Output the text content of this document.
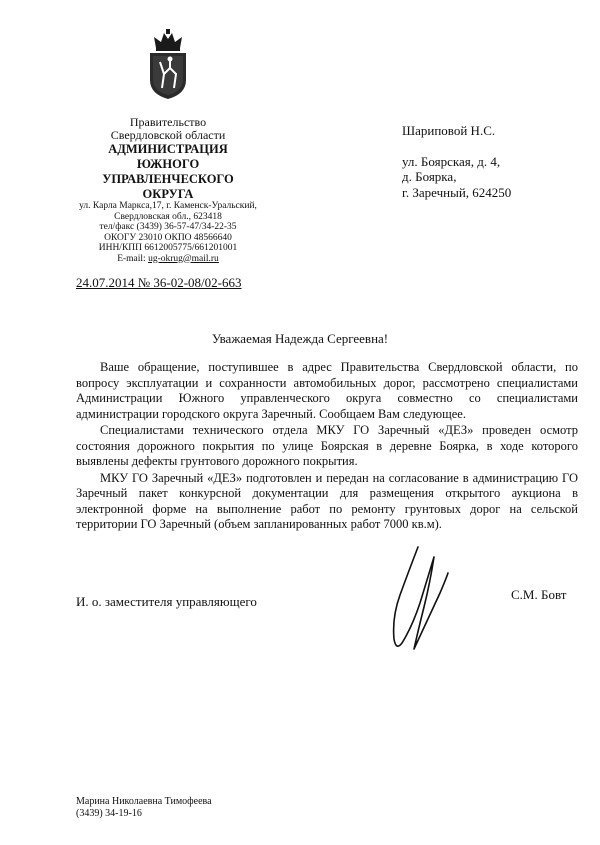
Правительство
Свердловской области
АДМИНИСТРАЦИЯ
ЮЖНОГО
УПРАВЛЕНЧЕСКОГО
ОКРУГА
ул. Карла Маркса,17, г. Каменск-Уральский,
Свердловская обл., 623418
тел/факс (3439) 36-57-47/34-22-35
ОКОГУ 23010 ОКПО 48566640
ИНН/КПП 6612005775/661201001
E-mail: ug-okrug@mail.ru
24.07.2014 № 36-02-08/02-663
Шариповой Н.С.
ул. Боярская, д. 4,
д. Боярка,
г. Заречный, 624250
Уважаемая Надежда Сергеевна!

Ваше обращение, поступившее в адрес Правительства Свердловской области, по вопросу эксплуатации и сохранности автомобильных дорог, рассмотрено специалистами Администрации Южного управленческого округа совместно со специалистами администрации городского округа Заречный. Сообщаем Вам следующее.

Специалистами технического отдела МКУ ГО Заречный «ДЕЗ» проведен осмотр состояния дорожного покрытия по улице Боярская в деревне Боярка, в ходе которого выявлены дефекты грунтового дорожного покрытия.

МКУ ГО Заречный «ДЕЗ» подготовлен и передан на согласование в администрацию ГО Заречный пакет конкурсной документации для размещения открытого аукциона в электронной форме на выполнение работ по ремонту грунтовых дорог на сельской территории ГО Заречный (объем запланированных работ 7000 кв.м).

И. о. заместителя управляющего	С.М. Бовт
Марина Николаевна Тимофеева
(3439) 34-19-16
